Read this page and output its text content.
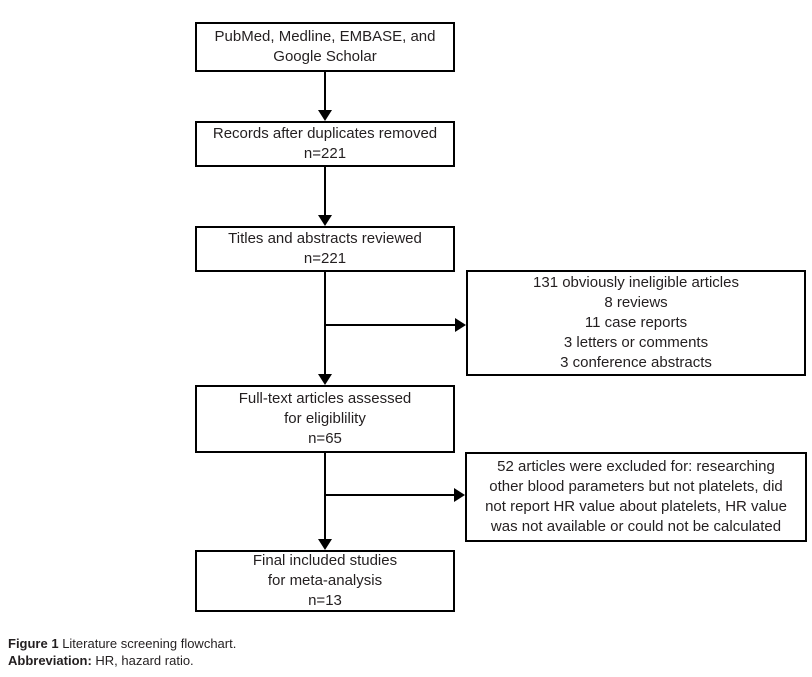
PubMed, Medline, EMBASE, and
Google Scholar
Records after duplicates removed
n=221
Titles and abstracts reviewed
n=221
131 obviously ineligible articles
8 reviews
11 case reports
3 letters or comments
3 conference abstracts
Full-text articles assessed
for eligiblility
n=65
52 articles were excluded for: researching
other blood parameters but not platelets, did
not report HR value about platelets, HR value
was not available or could not be calculated
Final included studies
for meta-analysis
n=13
Figure 1 Literature screening flowchart.
Abbreviation: HR, hazard ratio.
